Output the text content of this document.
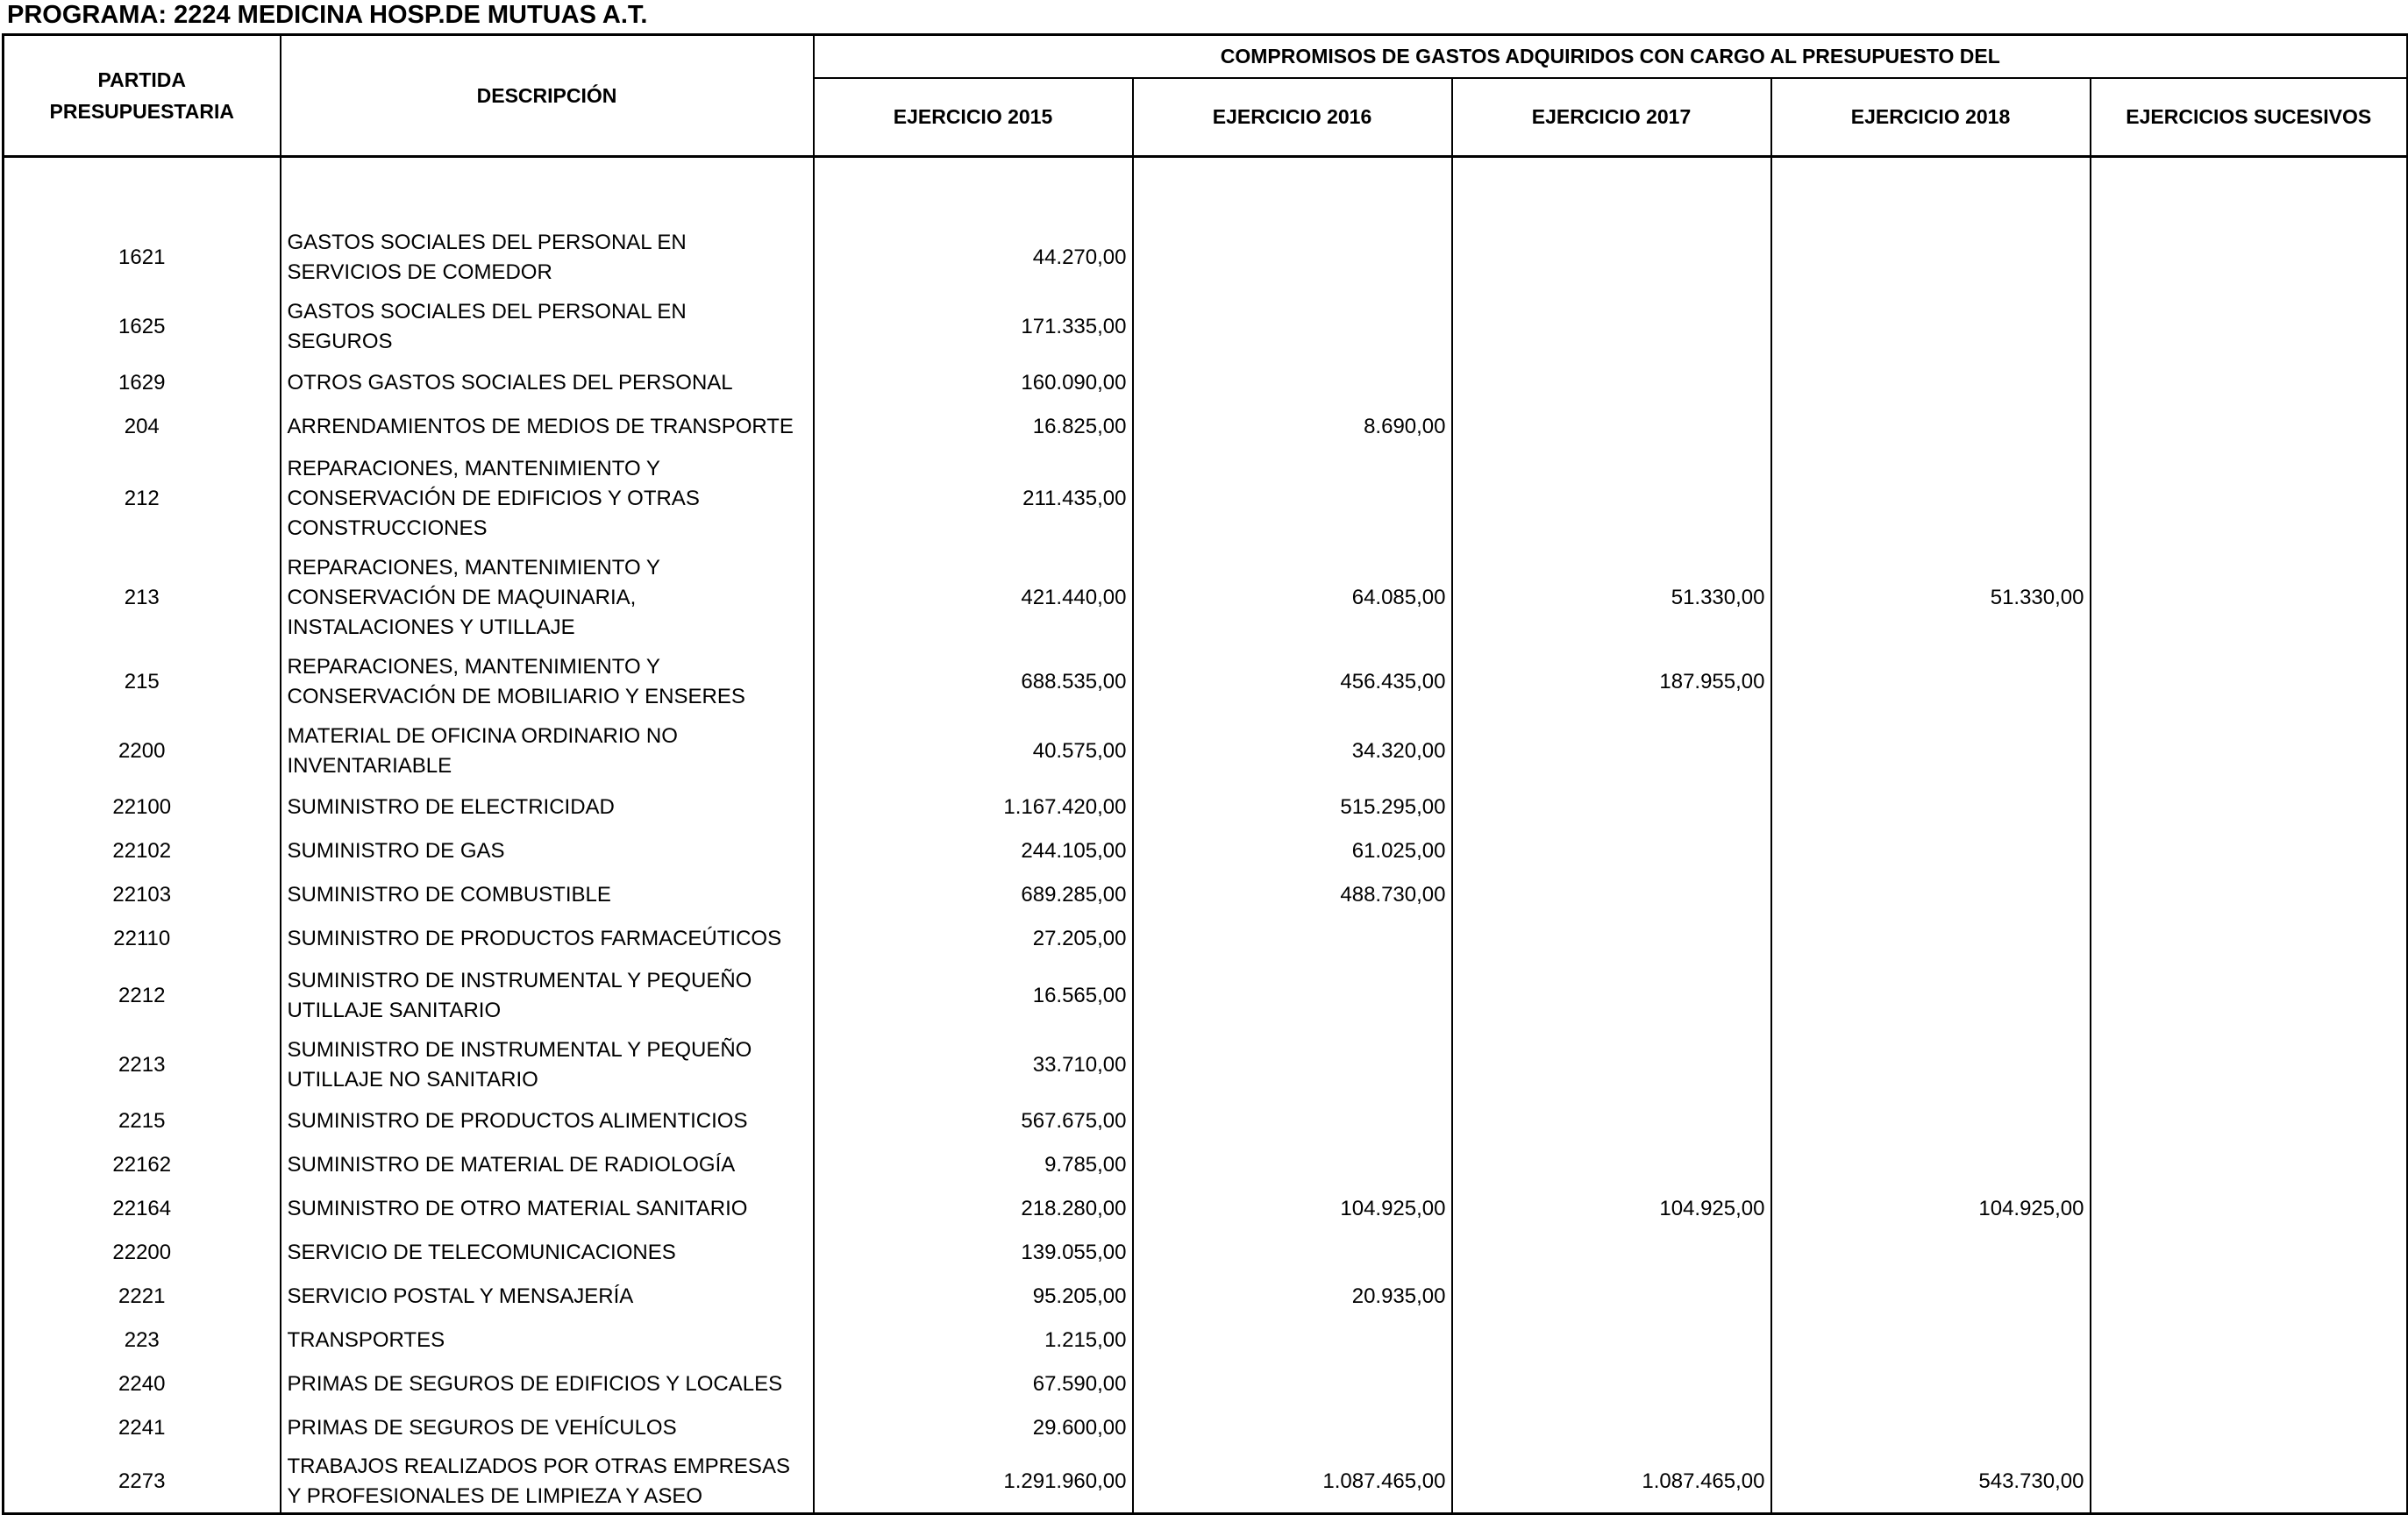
PROGRAMA: 2224 MEDICINA HOSP.DE MUTUAS A.T.
PARTIDA PRESUPUESTARIA	DESCRIPCIÓN	COMPROMISOS DE GASTOS ADQUIRIDOS CON CARGO AL PRESUPUESTO DEL				
		EJERCICIO 2015	EJERCICIO 2016	EJERCICIO 2017	EJERCICIO 2018	EJERCICIOS SUCESIVOS

1621	GASTOS SOCIALES DEL PERSONAL EN
SERVICIOS DE COMEDOR	44.270,00				
1625	GASTOS SOCIALES DEL PERSONAL EN
SEGUROS	171.335,00				
1629	OTROS GASTOS SOCIALES DEL PERSONAL	160.090,00				
204	ARRENDAMIENTOS DE MEDIOS DE TRANSPORTE	16.825,00	8.690,00			
212	REPARACIONES, MANTENIMIENTO Y
CONSERVACIÓN DE EDIFICIOS Y OTRAS
CONSTRUCCIONES	211.435,00				
213	REPARACIONES, MANTENIMIENTO Y
CONSERVACIÓN DE MAQUINARIA,
INSTALACIONES Y UTILLAJE	421.440,00	64.085,00	51.330,00	51.330,00	
215	REPARACIONES, MANTENIMIENTO Y
CONSERVACIÓN DE MOBILIARIO Y ENSERES	688.535,00	456.435,00	187.955,00		
2200	MATERIAL DE OFICINA ORDINARIO NO
INVENTARIABLE	40.575,00	34.320,00			
22100	SUMINISTRO DE ELECTRICIDAD	1.167.420,00	515.295,00			
22102	SUMINISTRO DE GAS	244.105,00	61.025,00			
22103	SUMINISTRO DE COMBUSTIBLE	689.285,00	488.730,00			
22110	SUMINISTRO DE PRODUCTOS FARMACEÚTICOS	27.205,00				
2212	SUMINISTRO DE INSTRUMENTAL Y PEQUEÑO
UTILLAJE SANITARIO	16.565,00				
2213	SUMINISTRO DE INSTRUMENTAL Y PEQUEÑO
UTILLAJE NO SANITARIO	33.710,00				
2215	SUMINISTRO DE PRODUCTOS ALIMENTICIOS	567.675,00				
22162	SUMINISTRO DE MATERIAL DE RADIOLOGÍA	9.785,00				
22164	SUMINISTRO DE OTRO MATERIAL SANITARIO	218.280,00	104.925,00	104.925,00	104.925,00	
22200	SERVICIO DE TELECOMUNICACIONES	139.055,00				
2221	SERVICIO POSTAL Y MENSAJERÍA	95.205,00	20.935,00			
223	TRANSPORTES	1.215,00				
2240	PRIMAS DE SEGUROS DE EDIFICIOS Y LOCALES	67.590,00				
2241	PRIMAS DE SEGUROS DE VEHÍCULOS	29.600,00				
2273	TRABAJOS REALIZADOS POR OTRAS EMPRESAS
Y PROFESIONALES DE LIMPIEZA Y ASEO	1.291.960,00	1.087.465,00	1.087.465,00	543.730,00	
